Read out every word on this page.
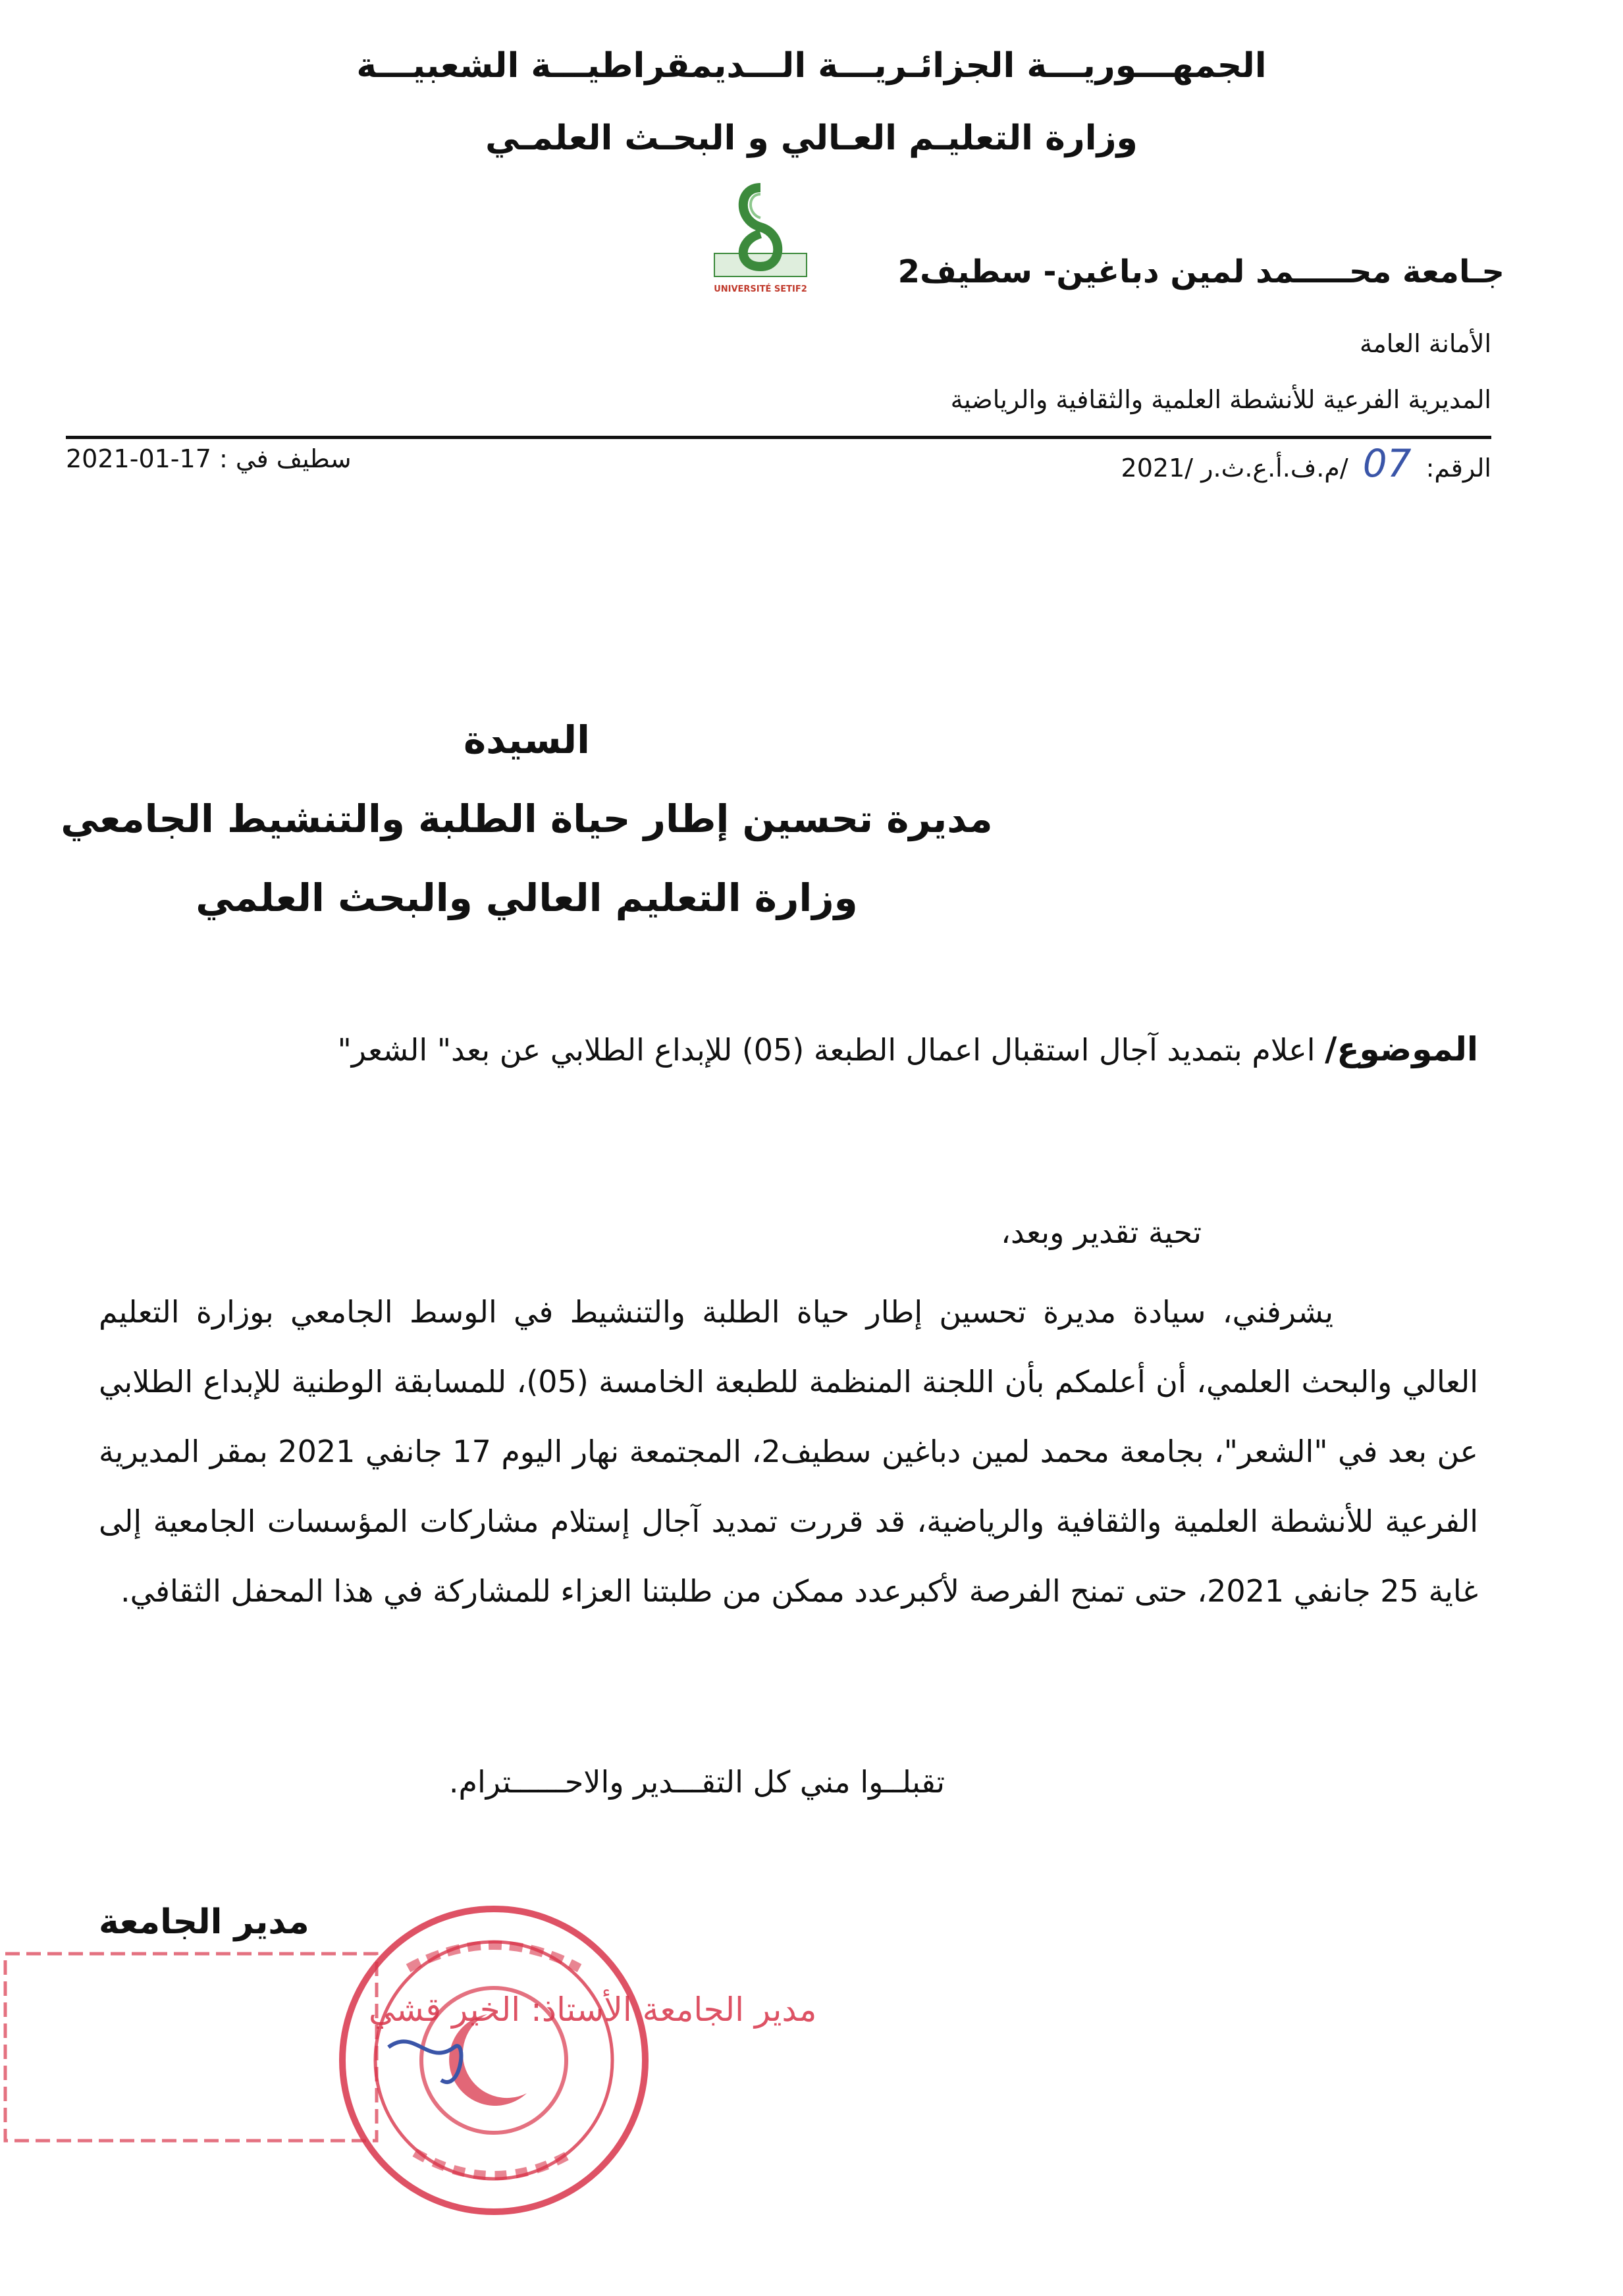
الجمهـــوريـــة الجزائـريـــة الـــديمقراطيـــة الشعبيـــة
وزارة التعليـم العـالي و البحـث العلمـي
UNIVERSITÉ SETIF2	جـامعة محـــــمد لمين دباغين- سطيف2
الأمانة العامة
المديرية الفرعية للأنشطة العلمية والثقافية والرياضية
الرقم: 07 /م.ف.أ.ع.ث.ر /2021
سطيف في : 17-01-2021
السيدة
مديرة تحسين إطار حياة الطلبة والتنشيط الجامعي
وزارة التعليم العالي والبحث العلمي
الموضوع/ اعلام بتمديد آجال استقبال اعمال الطبعة (05) للإبداع الطلابي عن بعد" الشعر"
تحية تقدير وبعد،
يشرفني، سيادة مديرة تحسين إطار حياة الطلبة والتنشيط في الوسط الجامعي بوزارة التعليم العالي والبحث العلمي، أن أعلمكم بأن اللجنة المنظمة للطبعة الخامسة (05)، للمسابقة الوطنية للإبداع الطلابي عن بعد في "الشعر"، بجامعة محمد لمين دباغين سطيف2، المجتمعة نهار اليوم 17 جانفي 2021 بمقر المديرية الفرعية للأنشطة العلمية والثقافية والرياضية، قد قررت تمديد آجال إستلام مشاركات المؤسسات الجامعية إلى غاية 25 جانفي 2021، حتى تمنح الفرصة لأكبرعدد ممكن من طلبتنا العزاء للمشاركة في هذا المحفل الثقافي.
تقبلــوا مني كل التقـــدير والاحــــــترام.
مدير الجامعة
مدير الجامعة الأستاذ: الخير قشي
